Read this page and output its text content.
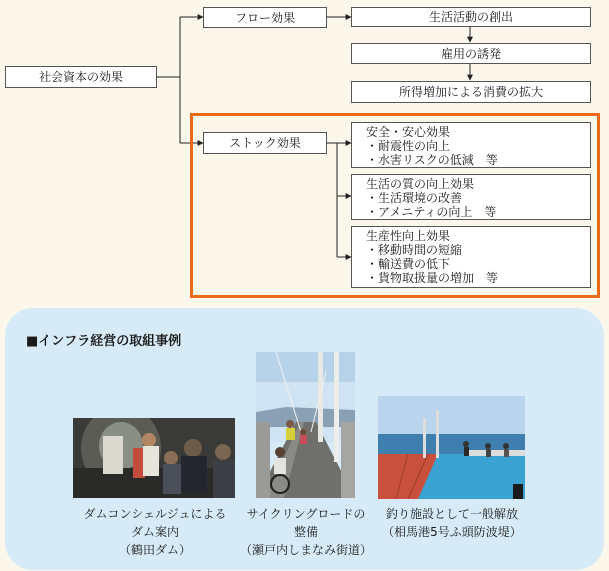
社会資本の効果
フロー効果	生活活動の創出
雇用の誘発
所得増加による消費の拡大
ストック効果
安全・安心効果
・耐震性の向上
・水害リスクの低減　等
生活の質の向上効果
・生活環境の改善
・アメニティの向上　等
生産性向上効果
・移動時間の短縮
・輸送費の低下
・貨物取扱量の増加　等
■インフラ経営の取組事例
ダムコンシェルジュによる
ダム案内
（鶴田ダム）
サイクリングロードの
整備
（瀬戸内しまなみ街道）
釣り施設として一般解放
（相馬港5号ふ頭防波堤）
